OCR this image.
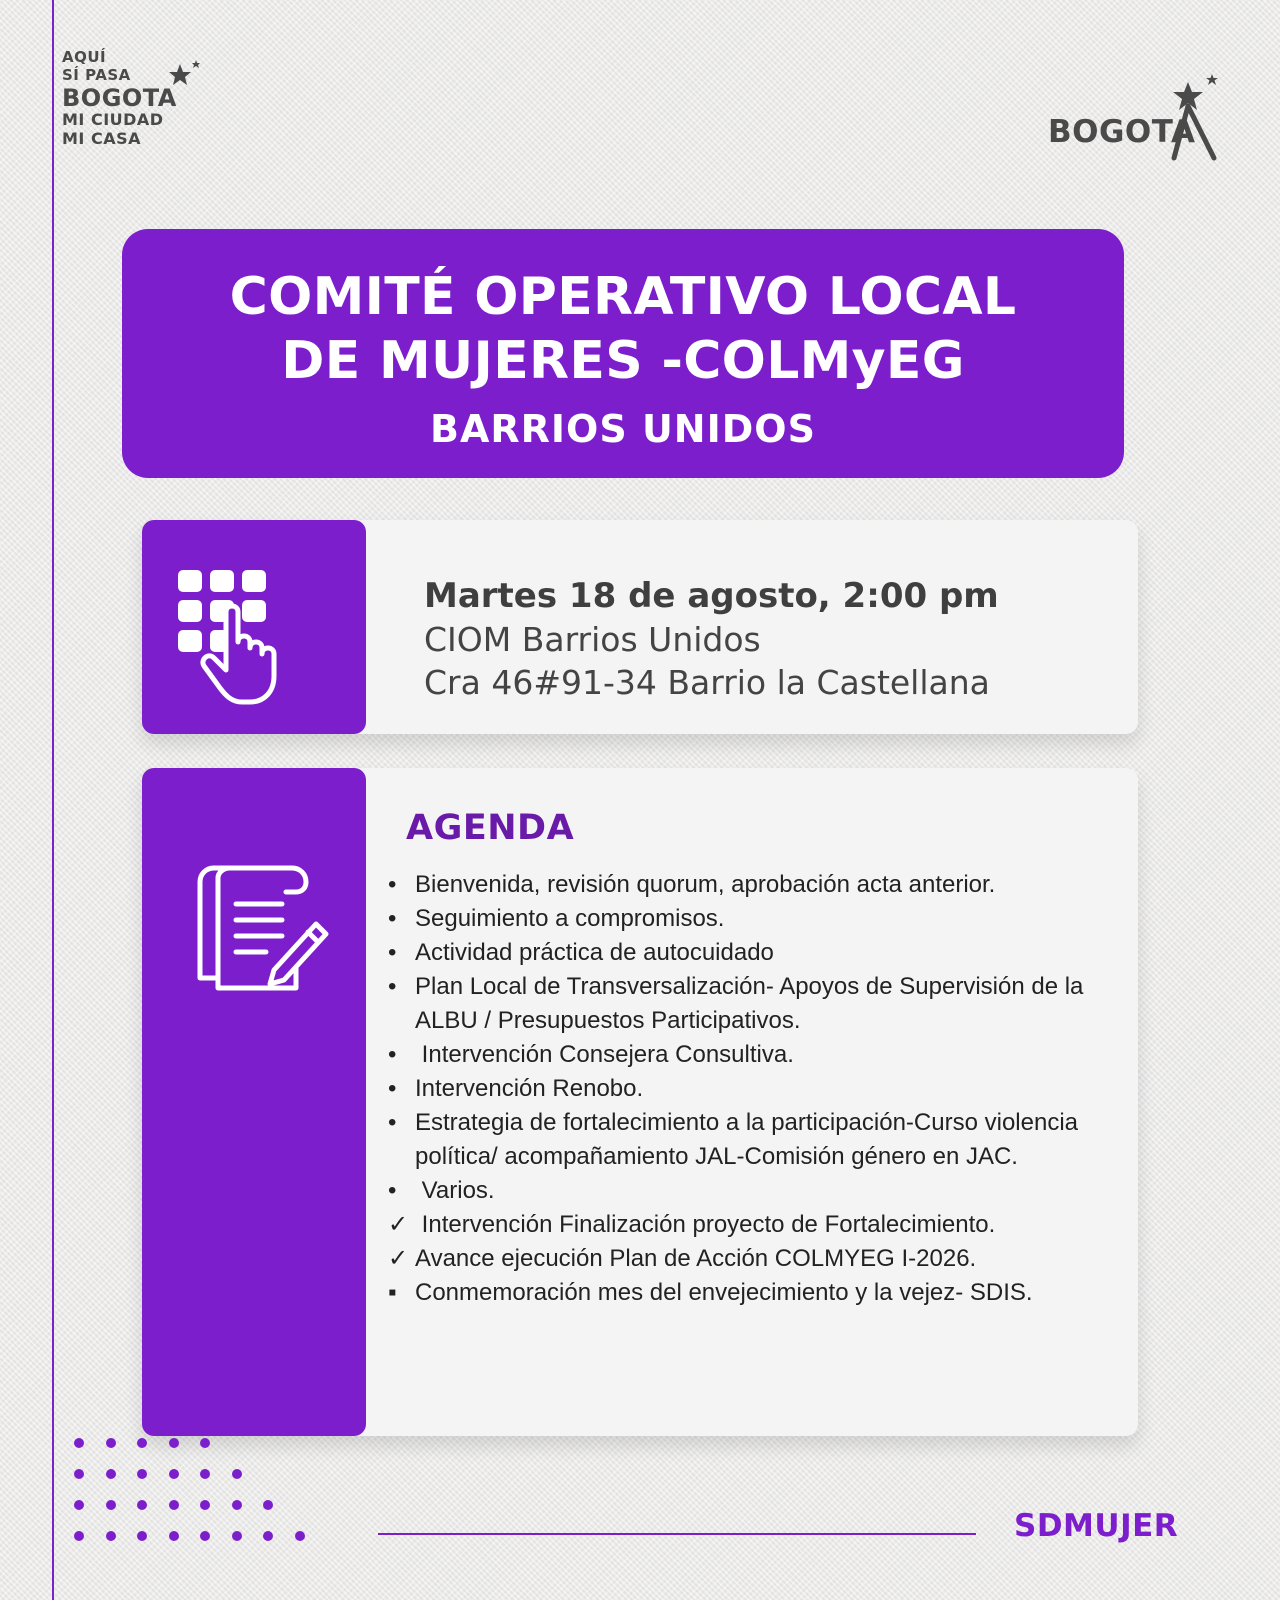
AQUÍ
SÍ PASA
BOGOTA
MI CIUDAD
MI CASA	BOGOTA
COMITÉ OPERATIVO LOCAL
DE MUJERES -COLMyEG
BARRIOS UNIDOS
Martes 18 de agosto, 2:00 pm
CIOM Barrios Unidos
Cra 46#91-34 Barrio la Castellana
AGENDA
• Bienvenida, revisión quorum, aprobación acta anterior.
• Seguimiento a compromisos.
• Actividad práctica de autocuidado
• Plan Local de Transversalización- Apoyos de Supervisión de la ALBU / Presupuestos Participativos.
• Intervención Consejera Consultiva.
• Intervención Renobo.
• Estrategia de fortalecimiento a la participación-Curso violencia política/ acompañamiento JAL-Comisión género en JAC.
• Varios.
✓ Intervención Finalización proyecto de Fortalecimiento.
✓ Avance ejecución Plan de Acción COLMYEG I-2026.
▪ Conmemoración mes del envejecimiento y la vejez- SDIS.
SDMUJER
